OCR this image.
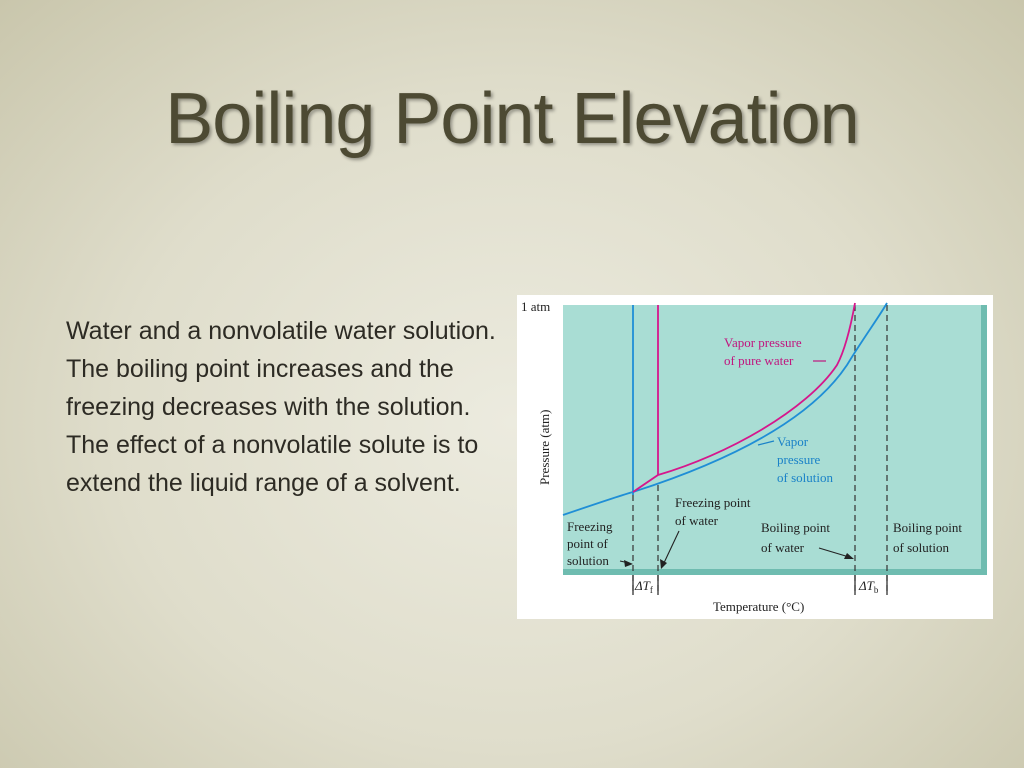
Boiling Point Elevation

Water and a nonvolatile water solution. The boiling point increases and the freezing decreases with the solution. The effect of a nonvolatile solute is to extend the liquid range of a solvent.

1 atm
Pressure (atm)
Temperature (°C)
Vapor pressure
of pure water
Vapor
pressure
of solution
Freezing point
of water
Freezing
point of
solution
Boiling point
of water
Boiling point
of solution
$\Delta T_f$	$\Delta T_b$
